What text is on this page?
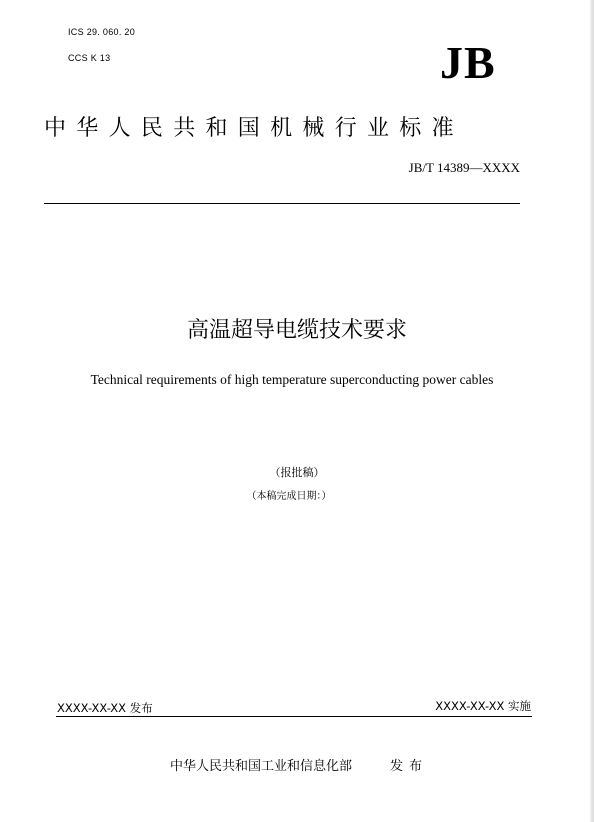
ICS 29. 060. 20
CCS K 13	JB
中华人民共和国机械行业标准
JB/T 14389—XXXX
高温超导电缆技术要求
Technical requirements of high temperature superconducting power cables
（报批稿）
（本稿完成日期：）
XXXX-XX-XX 发布	XXXX-XX-XX 实施
中华人民共和国工业和信息化部	发布
